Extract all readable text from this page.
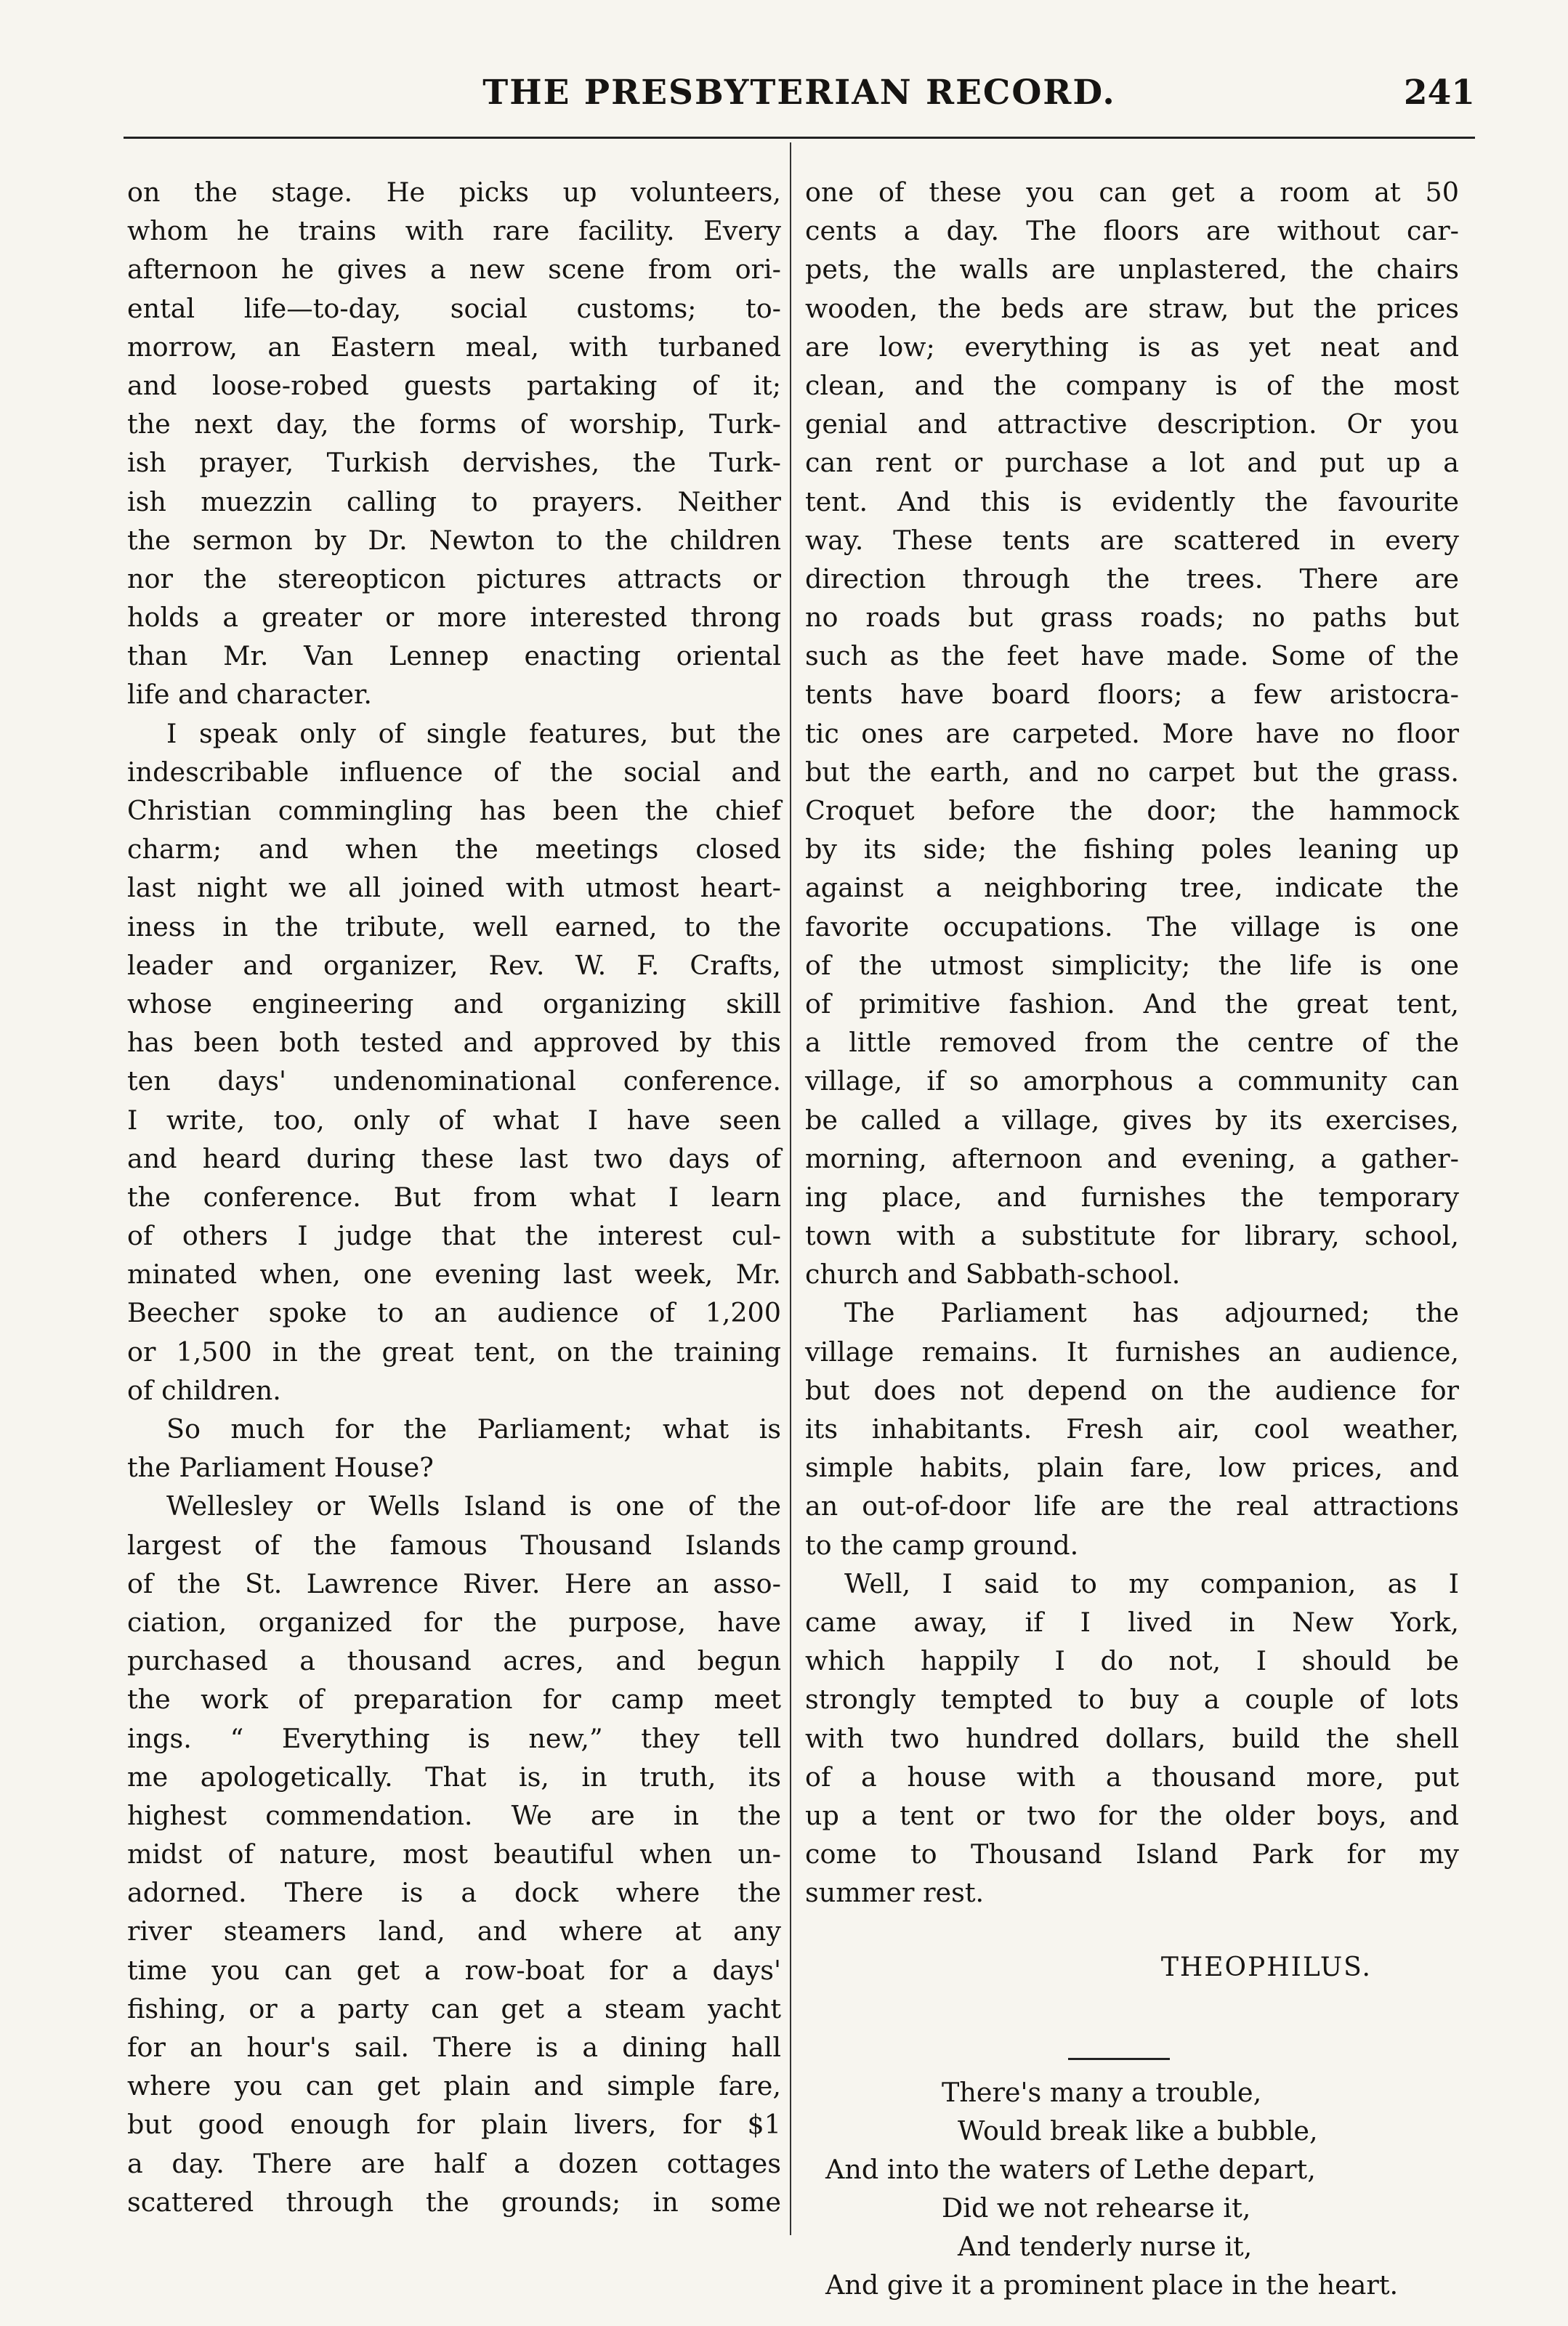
THE PRESBYTERIAN RECORD.	241
on the stage. He picks up volunteers,
whom he trains with rare facility. Every
afternoon he gives a new scene from ori-
ental life—to-day, social customs; to-
morrow, an Eastern meal, with turbaned
and loose-robed guests partaking of it;
the next day, the forms of worship, Turk-
ish prayer, Turkish dervishes, the Turk-
ish muezzin calling to prayers. Neither
the sermon by Dr. Newton to the children
nor the stereopticon pictures attracts or
holds a greater or more interested throng
than Mr. Van Lennep enacting oriental
life and character.
I speak only of single features, but the
indescribable influence of the social and
Christian commingling has been the chief
charm; and when the meetings closed
last night we all joined with utmost heart-
iness in the tribute, well earned, to the
leader and organizer, Rev. W. F. Crafts,
whose engineering and organizing skill
has been both tested and approved by this
ten days' undenominational conference.
I write, too, only of what I have seen
and heard during these last two days of
the conference. But from what I learn
of others I judge that the interest cul-
minated when, one evening last week, Mr.
Beecher spoke to an audience of 1,200
or 1,500 in the great tent, on the training
of children.
So much for the Parliament; what is
the Parliament House?
Wellesley or Wells Island is one of the
largest of the famous Thousand Islands
of the St. Lawrence River. Here an asso-
ciation, organized for the purpose, have
purchased a thousand acres, and begun
the work of preparation for camp meet
ings. “ Everything is new,” they tell
me apologetically. That is, in truth, its
highest commendation. We are in the
midst of nature, most beautiful when un-
adorned. There is a dock where the
river steamers land, and where at any
time you can get a row-boat for a days'
fishing, or a party can get a steam yacht
for an hour's sail. There is a dining hall
where you can get plain and simple fare,
but good enough for plain livers, for $1
a day. There are half a dozen cottages
scattered through the grounds; in some
one of these you can get a room at 50
cents a day. The floors are without car-
pets, the walls are unplastered, the chairs
wooden, the beds are straw, but the prices
are low; everything is as yet neat and
clean, and the company is of the most
genial and attractive description. Or you
can rent or purchase a lot and put up a
tent. And this is evidently the favourite
way. These tents are scattered in every
direction through the trees. There are
no roads but grass roads; no paths but
such as the feet have made. Some of the
tents have board floors; a few aristocra-
tic ones are carpeted. More have no floor
but the earth, and no carpet but the grass.
Croquet before the door; the hammock
by its side; the fishing poles leaning up
against a neighboring tree, indicate the
favorite occupations. The village is one
of the utmost simplicity; the life is one
of primitive fashion. And the great tent,
a little removed from the centre of the
village, if so amorphous a community can
be called a village, gives by its exercises,
morning, afternoon and evening, a gather-
ing place, and furnishes the temporary
town with a substitute for library, school,
church and Sabbath-school.
The Parliament has adjourned; the
village remains. It furnishes an audience,
but does not depend on the audience for
its inhabitants. Fresh air, cool weather,
simple habits, plain fare, low prices, and
an out-of-door life are the real attractions
to the camp ground.
Well, I said to my companion, as I
came away, if I lived in New York,
which happily I do not, I should be
strongly tempted to buy a couple of lots
with two hundred dollars, build the shell
of a house with a thousand more, put
up a tent or two for the older boys, and
come to Thousand Island Park for my
summer rest.
THEOPHILUS.
There's many a trouble,
Would break like a bubble,
And into the waters of Lethe depart,
Did we not rehearse it,
And tenderly nurse it,
And give it a prominent place in the heart.
